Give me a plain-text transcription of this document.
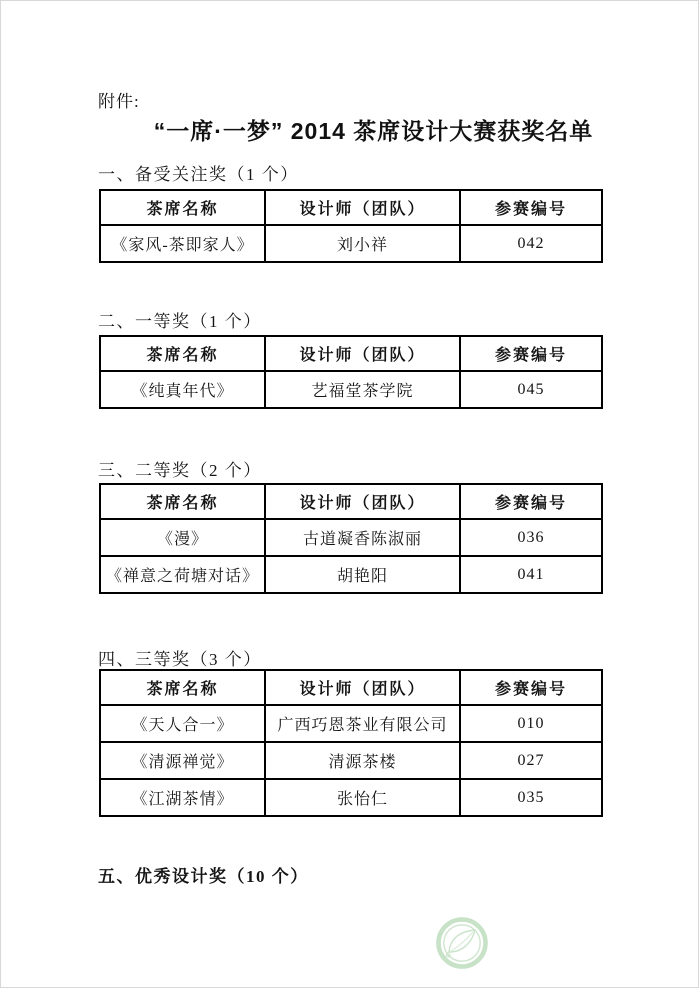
附件:
“一席·一梦” 2014 茶席设计大赛获奖名单
一、备受关注奖（1 个）
茶席名称	设计师（团队）	参赛编号
《家风-茶即家人》	刘小祥	042
二、一等奖（1 个）
茶席名称	设计师（团队）	参赛编号
《纯真年代》	艺福堂茶学院	045
三、二等奖（2 个）
茶席名称	设计师（团队）	参赛编号
《漫》	古道凝香陈淑丽	036
《禅意之荷塘对话》	胡艳阳	041
四、三等奖（3 个）
茶席名称	设计师（团队）	参赛编号
《天人合一》	广西巧恩茶业有限公司	010
《清源禅觉》	清源茶楼	027
《江湖茶情》	张怡仁	035
五、优秀设计奖（10 个）
